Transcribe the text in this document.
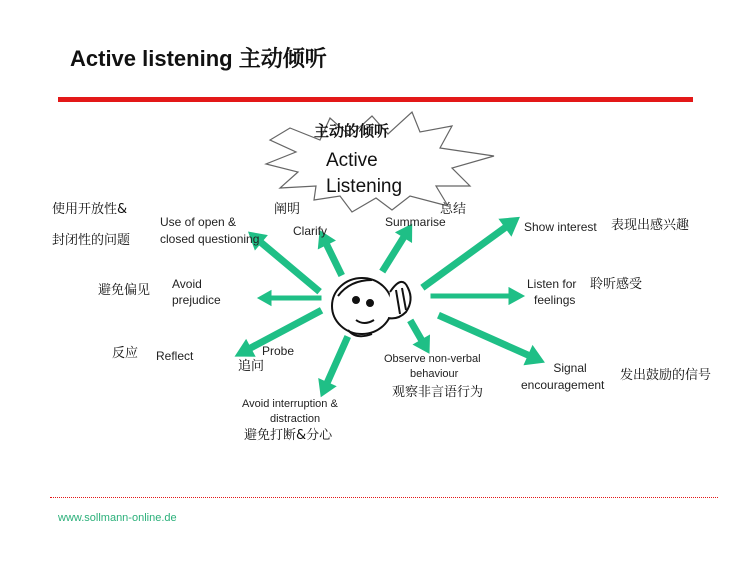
Active listening 主动倾听
主动的倾听
Active
Listening
使用开放性&
封闭性的问题
Use of open &
closed questioning
阐明
Clarify
Summarise
总结
Show interest 表现出感兴趣
Listen for
feelings
聆听感受
Signal
encouragement
发出鼓励的信号
Observe non-verbal
behaviour
观察非言语行为
Avoid interruption &
distraction
避免打断&分心
Probe
追问
反应 Reflect
避免偏见 Avoid
prejudice
www.sollmann-online.de
